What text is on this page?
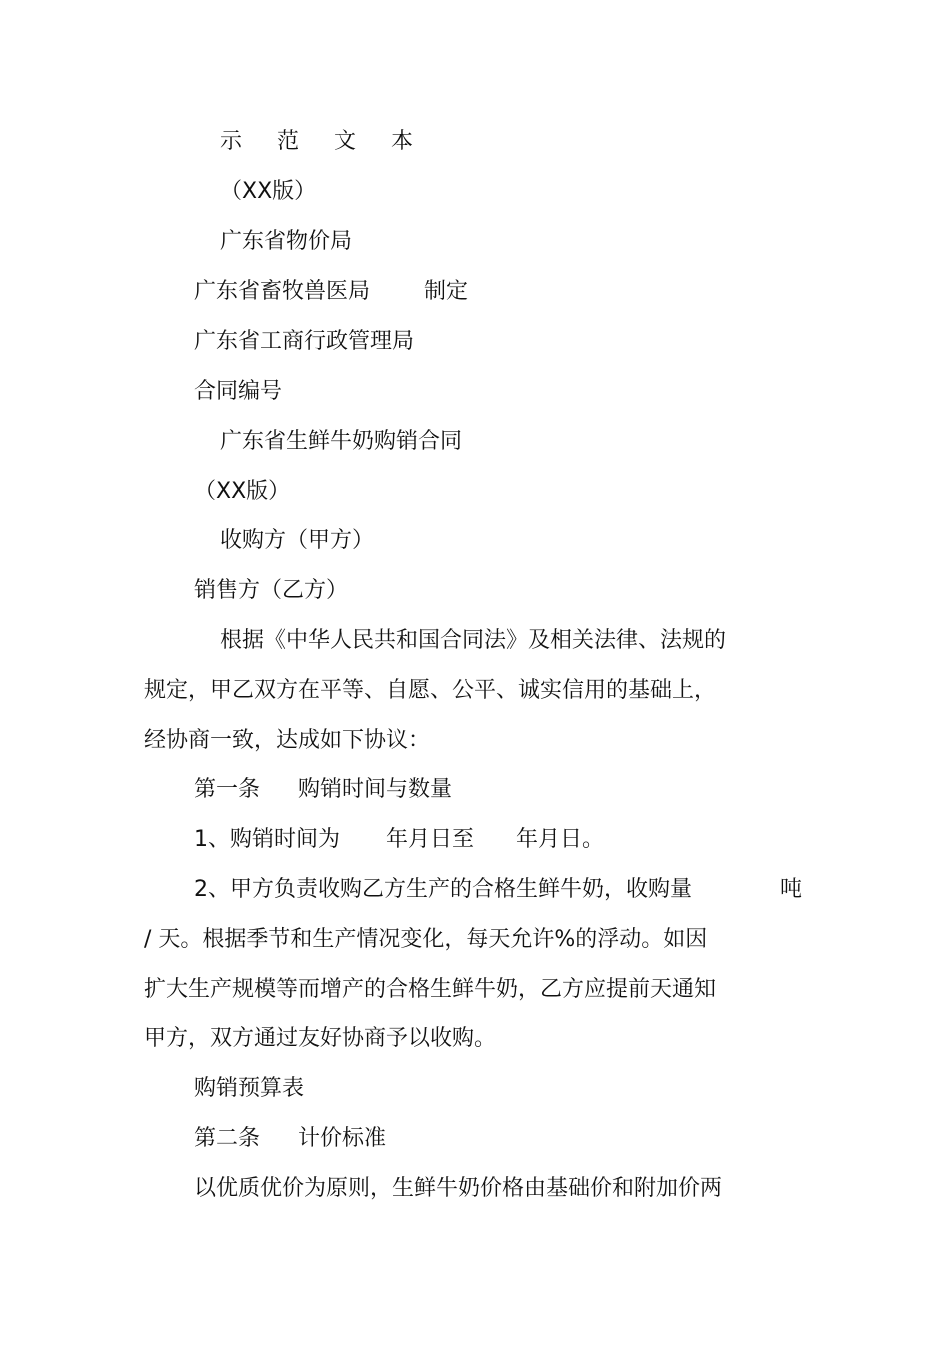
示 范 文 本
（XX版）
广东省物价局
广东省畜牧兽医局 制定
广东省工商行政管理局
合同编号
广东省生鲜牛奶购销合同
（XX版）
收购方（甲方）
销售方（乙方）
根据《中华人民共和国合同法》及相关法律、法规的
规定，甲乙双方在平等、自愿、公平、诚实信用的基础上，
经协商一致，达成如下协议：
第一条 购销时间与数量
1、购销时间为 年月日至 年月日。
2、甲方负责收购乙方生产的合格生鲜牛奶，收购量	吨
/ 天。根据季节和生产情况变化，每天允许%的浮动。如因
扩大生产规模等而增产的合格生鲜牛奶，乙方应提前天通知
甲方，双方通过友好协商予以收购。
购销预算表
第二条 计价标准
以优质优价为原则，生鲜牛奶价格由基础价和附加价两
